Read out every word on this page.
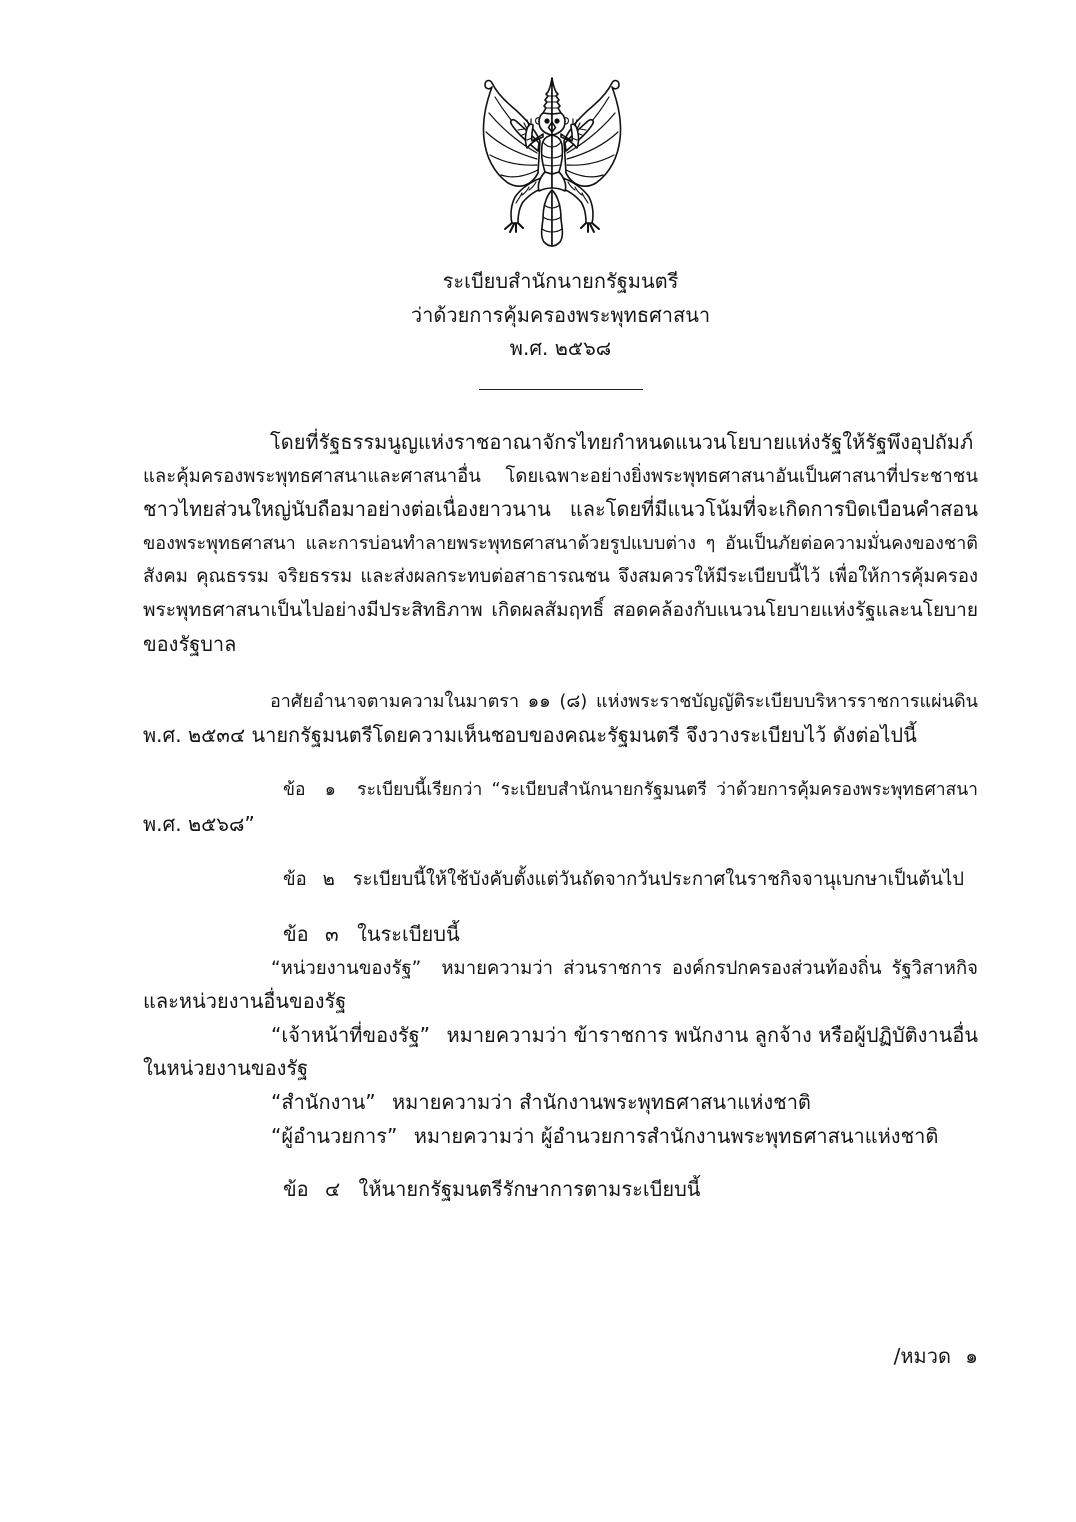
ระเบียบสำนักนายกรัฐมนตรี
ว่าด้วยการคุ้มครองพระพุทธศาสนา
พ.ศ. ๒๕๖๘
โดยที่รัฐธรรมนูญแห่งราชอาณาจักรไทยกำหนดแนวนโยบายแห่งรัฐให้รัฐพึงอุปถัมภ์
และคุ้มครองพระพุทธศาสนาและศาสนาอื่น โดยเฉพาะอย่างยิ่งพระพุทธศาสนาอันเป็นศาสนาที่ประชาชน
ชาวไทยส่วนใหญ่นับถือมาอย่างต่อเนื่องยาวนาน และโดยที่มีแนวโน้มที่จะเกิดการบิดเบือนคำสอน
ของพระพุทธศาสนา และการบ่อนทำลายพระพุทธศาสนาด้วยรูปแบบต่าง ๆ อันเป็นภัยต่อความมั่นคงของชาติ
สังคม คุณธรรม จริยธรรม และส่งผลกระทบต่อสาธารณชน จึงสมควรให้มีระเบียบนี้ไว้ เพื่อให้การคุ้มครอง
พระพุทธศาสนาเป็นไปอย่างมีประสิทธิภาพ เกิดผลสัมฤทธิ์ สอดคล้องกับแนวนโยบายแห่งรัฐและนโยบาย
ของรัฐบาล
อาศัยอำนาจตามความในมาตรา ๑๑ (๘) แห่งพระราชบัญญัติระเบียบบริหารราชการแผ่นดิน
พ.ศ. ๒๕๓๔ นายกรัฐมนตรีโดยความเห็นชอบของคณะรัฐมนตรี จึงวางระเบียบไว้ ดังต่อไปนี้
ข้อ ๑ ระเบียบนี้เรียกว่า “ระเบียบสำนักนายกรัฐมนตรี ว่าด้วยการคุ้มครองพระพุทธศาสนา
พ.ศ. ๒๕๖๘”
ข้อ ๒ ระเบียบนี้ให้ใช้บังคับตั้งแต่วันถัดจากวันประกาศในราชกิจจานุเบกษาเป็นต้นไป
ข้อ ๓ ในระเบียบนี้
“หน่วยงานของรัฐ” หมายความว่า ส่วนราชการ องค์กรปกครองส่วนท้องถิ่น รัฐวิสาหกิจ
และหน่วยงานอื่นของรัฐ
“เจ้าหน้าที่ของรัฐ” หมายความว่า ข้าราชการ พนักงาน ลูกจ้าง หรือผู้ปฏิบัติงานอื่น
ในหน่วยงานของรัฐ
“สำนักงาน” หมายความว่า สำนักงานพระพุทธศาสนาแห่งชาติ
“ผู้อำนวยการ” หมายความว่า ผู้อำนวยการสำนักงานพระพุทธศาสนาแห่งชาติ
ข้อ ๔ ให้นายกรัฐมนตรีรักษาการตามระเบียบนี้
/หมวด ๑
